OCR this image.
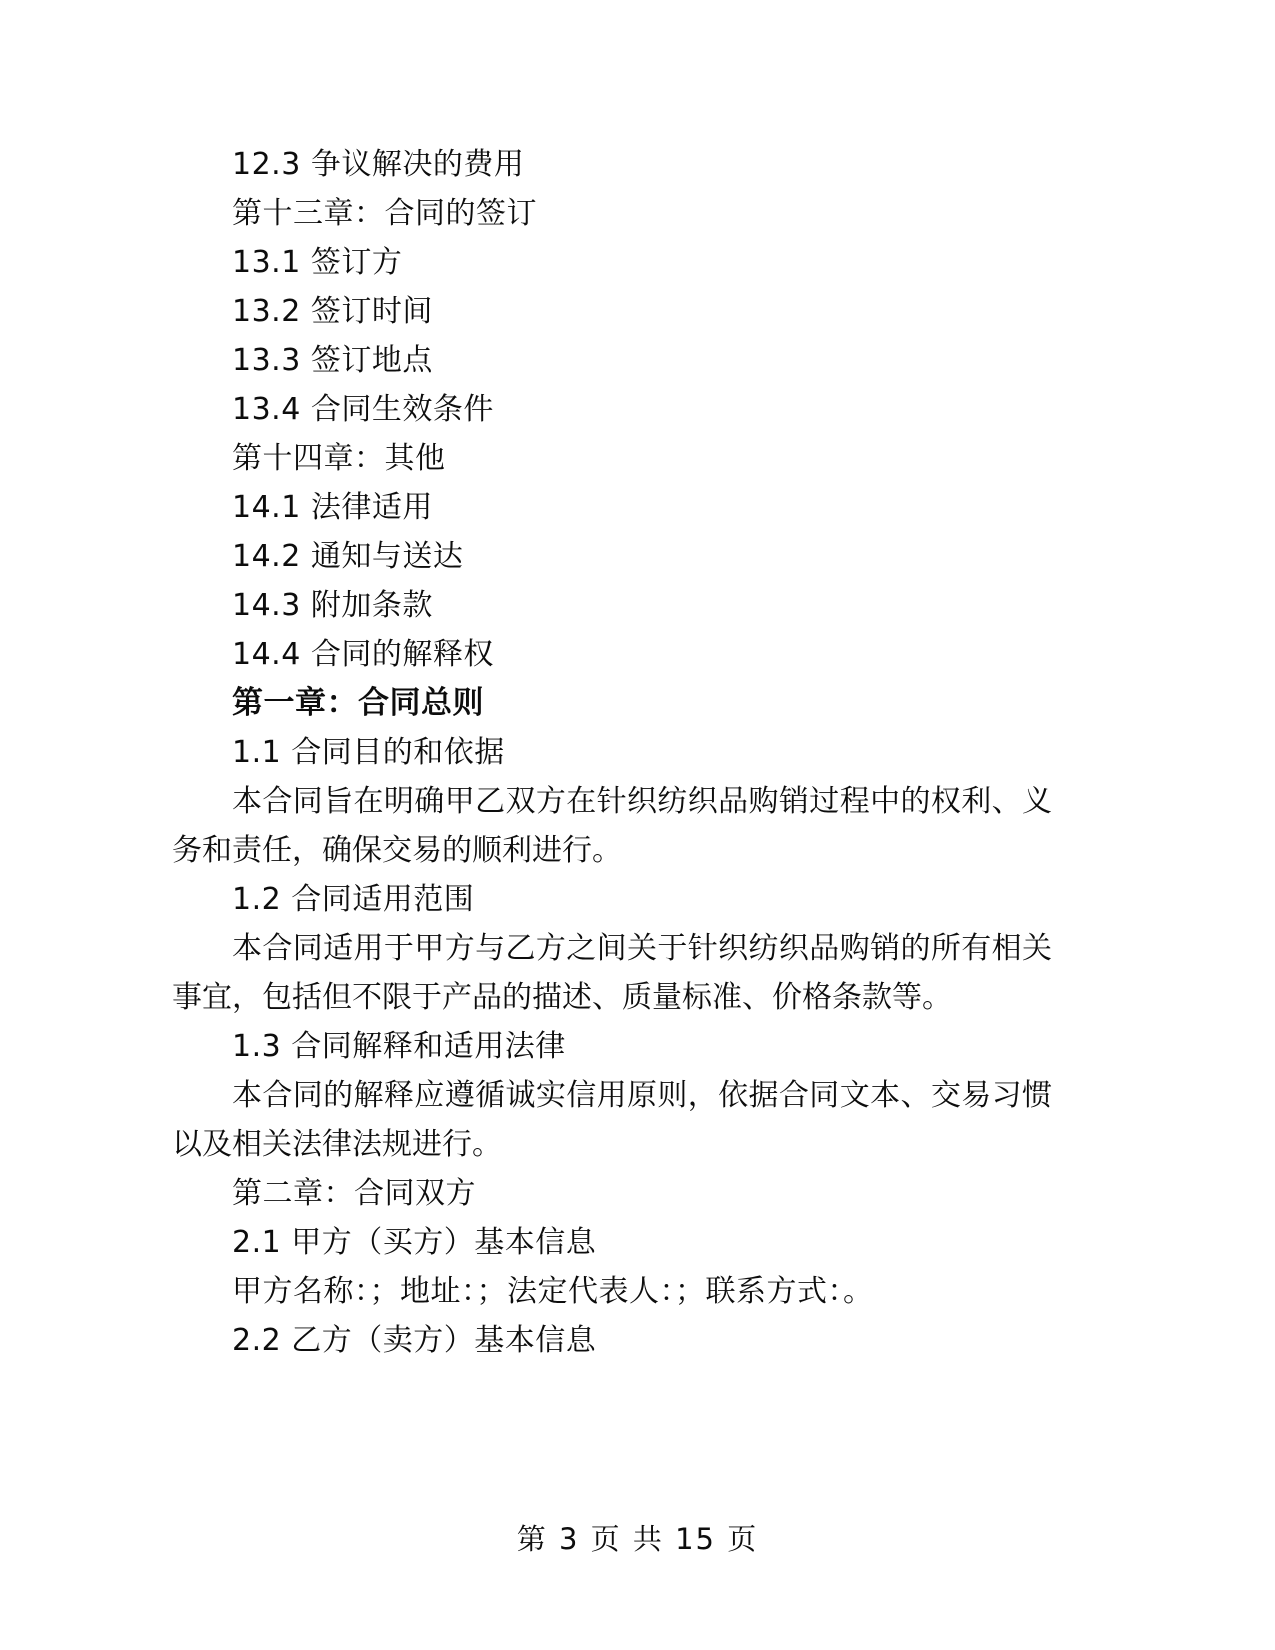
12.3 争议解决的费用
第十三章：合同的签订
13.1 签订方
13.2 签订时间
13.3 签订地点
13.4 合同生效条件
第十四章：其他
14.1 法律适用
14.2 通知与送达
14.3 附加条款
14.4 合同的解释权
第一章：合同总则
1.1 合同目的和依据
本合同旨在明确甲乙双方在针织纺织品购销过程中的权利、义务和责任，确保交易的顺利进行。
1.2 合同适用范围
本合同适用于甲方与乙方之间关于针织纺织品购销的所有相关事宜，包括但不限于产品的描述、质量标准、价格条款等。
1.3 合同解释和适用法律
本合同的解释应遵循诚实信用原则，依据合同文本、交易习惯以及相关法律法规进行。
第二章：合同双方
2.1 甲方（买方）基本信息
甲方名称：；地址：；法定代表人：；联系方式：。
2.2 乙方（卖方）基本信息
第 3 页 共 15 页
